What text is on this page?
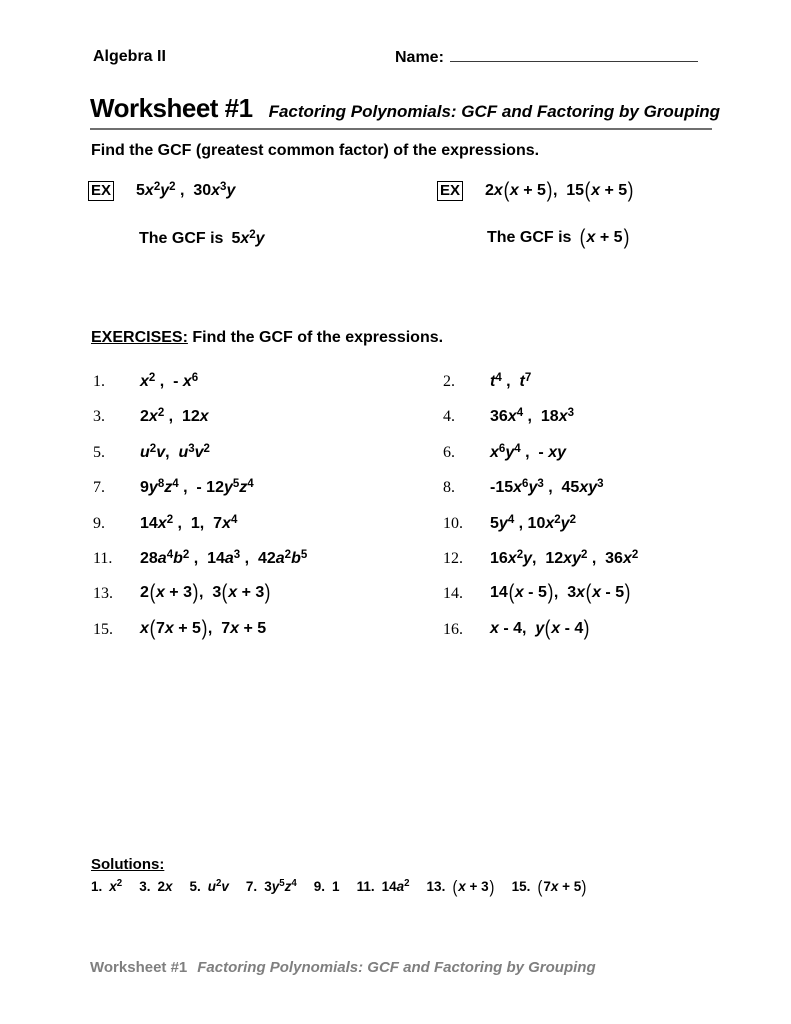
Algebra II	Name:
Worksheet #1 Factoring Polynomials: GCF and Factoring by Grouping
Find the GCF (greatest common factor) of the expressions.
EX $5x^2y^2$ ,  $30x^3y$	EX 2x(x + 5),  15(x + 5)
The GCF is $5x^2y$	The GCF is (x + 5)
EXERCISES: Find the GCF of the expressions.
1.	$x^2$ ,  - $x^6$	2.	$t^4$ ,  $t^7$
3.	$2x^2$ ,  12x	4.	$36x^4$ ,  $18x^3$
5.	$u^2v$,  $u^3v^2$	6.	$x^6y^4$ ,  - xy
7.	$9y^8z^4$ ,  - $12y^5z^4$	8.	$-15x^6y^3$ ,  $45xy^3$
9.	$14x^2$ ,  1,  $7x^4$	10.	$5y^4$ , $10x^2y^2$
11.	$28a^4b^2$ ,  $14a^3$ ,  $42a^2b^5$	12.	$16x^2y$,  $12xy^2$ ,  $36x^2$
13.	2(x + 3),  3(x + 3)	14.	14(x - 5),  3x(x - 5)
15.	x(7x + 5),  7x + 5	16.	x - 4,  y(x - 4)
Solutions:
1. $x^2$ 3. 2x 5. $u^2v$ 7. $3y^5z^4$ 9. 1 11. $14a^2$ 13. (x + 3) 15. (7x + 5)
Worksheet #1 Factoring Polynomials: GCF and Factoring by Grouping
